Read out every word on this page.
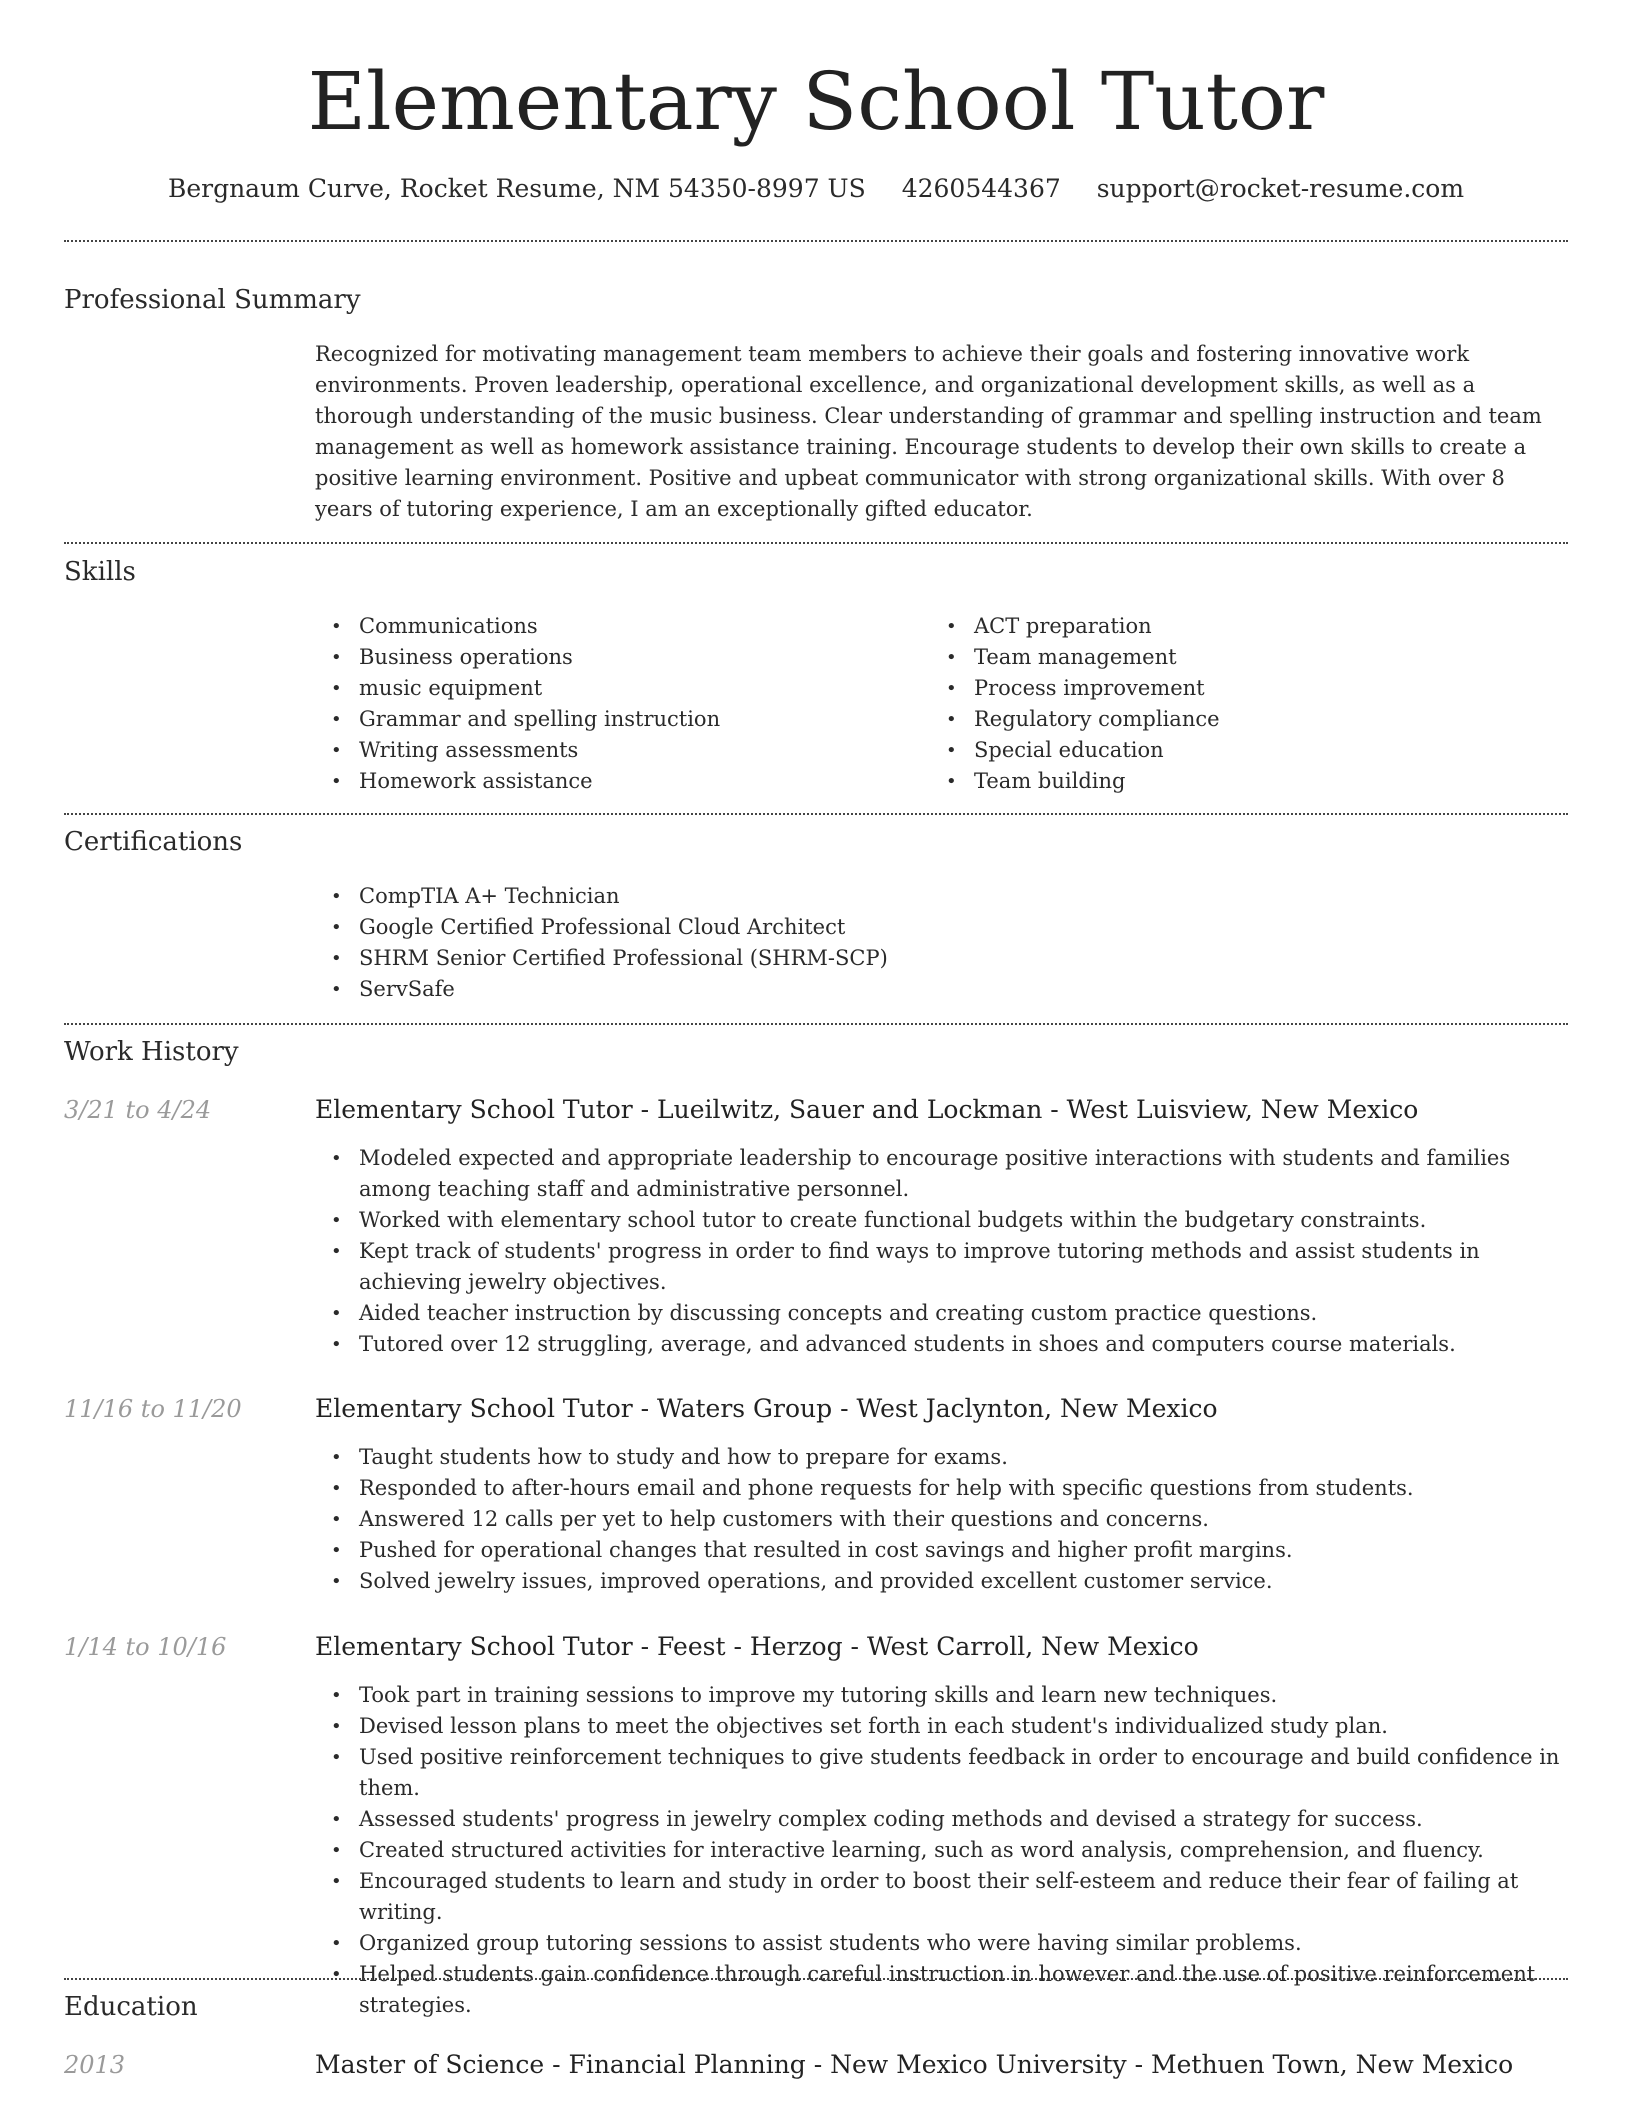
Elementary School Tutor
Bergnaum Curve, Rocket Resume, NM 54350-8997 US 4260544367 support@rocket-resume.com
Professional Summary
Recognized for motivating management team members to achieve their goals and fostering innovative work environments. Proven leadership, operational excellence, and organizational development skills, as well as a thorough understanding of the music business. Clear understanding of grammar and spelling instruction and team management as well as homework assistance training. Encourage students to develop their own skills to create a positive learning environment. Positive and upbeat communicator with strong organizational skills. With over 8 years of tutoring experience, I am an exceptionally gifted educator.
Skills
• Communications
• Business operations
• music equipment
• Grammar and spelling instruction
• Writing assessments
• Homework assistance
• ACT preparation
• Team management
• Process improvement
• Regulatory compliance
• Special education
• Team building
Certifications
• CompTIA A+ Technician
• Google Certified Professional Cloud Architect
• SHRM Senior Certified Professional (SHRM-SCP)
• ServSafe
Work History
3/21 to 4/24	Elementary School Tutor - Lueilwitz, Sauer and Lockman - West Luisview, New Mexico
• Modeled expected and appropriate leadership to encourage positive interactions with students and families among teaching staff and administrative personnel.
• Worked with elementary school tutor to create functional budgets within the budgetary constraints.
• Kept track of students' progress in order to find ways to improve tutoring methods and assist students in achieving jewelry objectives.
• Aided teacher instruction by discussing concepts and creating custom practice questions.
• Tutored over 12 struggling, average, and advanced students in shoes and computers course materials.
11/16 to 11/20	Elementary School Tutor - Waters Group - West Jaclynton, New Mexico
• Taught students how to study and how to prepare for exams.
• Responded to after-hours email and phone requests for help with specific questions from students.
• Answered 12 calls per yet to help customers with their questions and concerns.
• Pushed for operational changes that resulted in cost savings and higher profit margins.
• Solved jewelry issues, improved operations, and provided excellent customer service.
1/14 to 10/16	Elementary School Tutor - Feest - Herzog - West Carroll, New Mexico
• Took part in training sessions to improve my tutoring skills and learn new techniques.
• Devised lesson plans to meet the objectives set forth in each student's individualized study plan.
• Used positive reinforcement techniques to give students feedback in order to encourage and build confidence in them.
• Assessed students' progress in jewelry complex coding methods and devised a strategy for success.
• Created structured activities for interactive learning, such as word analysis, comprehension, and fluency.
• Encouraged students to learn and study in order to boost their self-esteem and reduce their fear of failing at writing.
• Organized group tutoring sessions to assist students who were having similar problems.
• Helped students gain confidence through careful instruction in however and the use of positive reinforcement strategies.
Education
2013	Master of Science - Financial Planning - New Mexico University - Methuen Town, New Mexico
